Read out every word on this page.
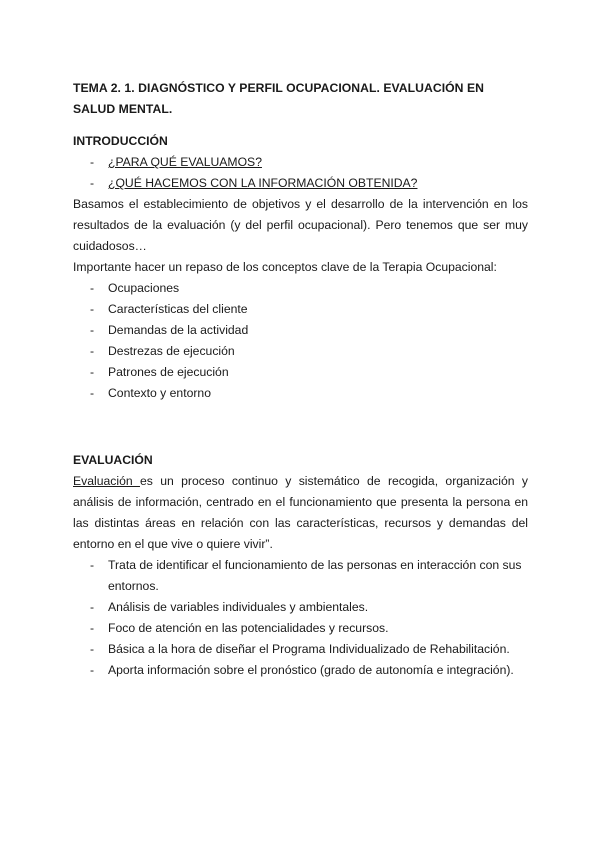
TEMA 2. 1. DIAGNÓSTICO Y PERFIL OCUPACIONAL. EVALUACIÓN EN SALUD MENTAL.

INTRODUCCIÓN

- ¿PARA QUÉ EVALUAMOS?
- ¿QUÉ HACEMOS CON LA INFORMACIÓN OBTENIDA?

Basamos el establecimiento de objetivos y el desarrollo de la intervención en los resultados de la evaluación (y del perfil ocupacional). Pero tenemos que ser muy cuidadosos…

Importante hacer un repaso de los conceptos clave de la Terapia Ocupacional:

- Ocupaciones
- Características del cliente
- Demandas de la actividad
- Destrezas de ejecución
- Patrones de ejecución
- Contexto y entorno

EVALUACIÓN

Evaluación es un proceso continuo y sistemático de recogida, organización y análisis de información, centrado en el funcionamiento que presenta la persona en las distintas áreas en relación con las características, recursos y demandas del entorno en el que vive o quiere vivir”.

- Trata de identificar el funcionamiento de las personas en interacción con sus entornos.
- Análisis de variables individuales y ambientales.
- Foco de atención en las potencialidades y recursos.
- Básica a la hora de diseñar el Programa Individualizado de Rehabilitación.
- Aporta información sobre el pronóstico (grado de autonomía e integración).
